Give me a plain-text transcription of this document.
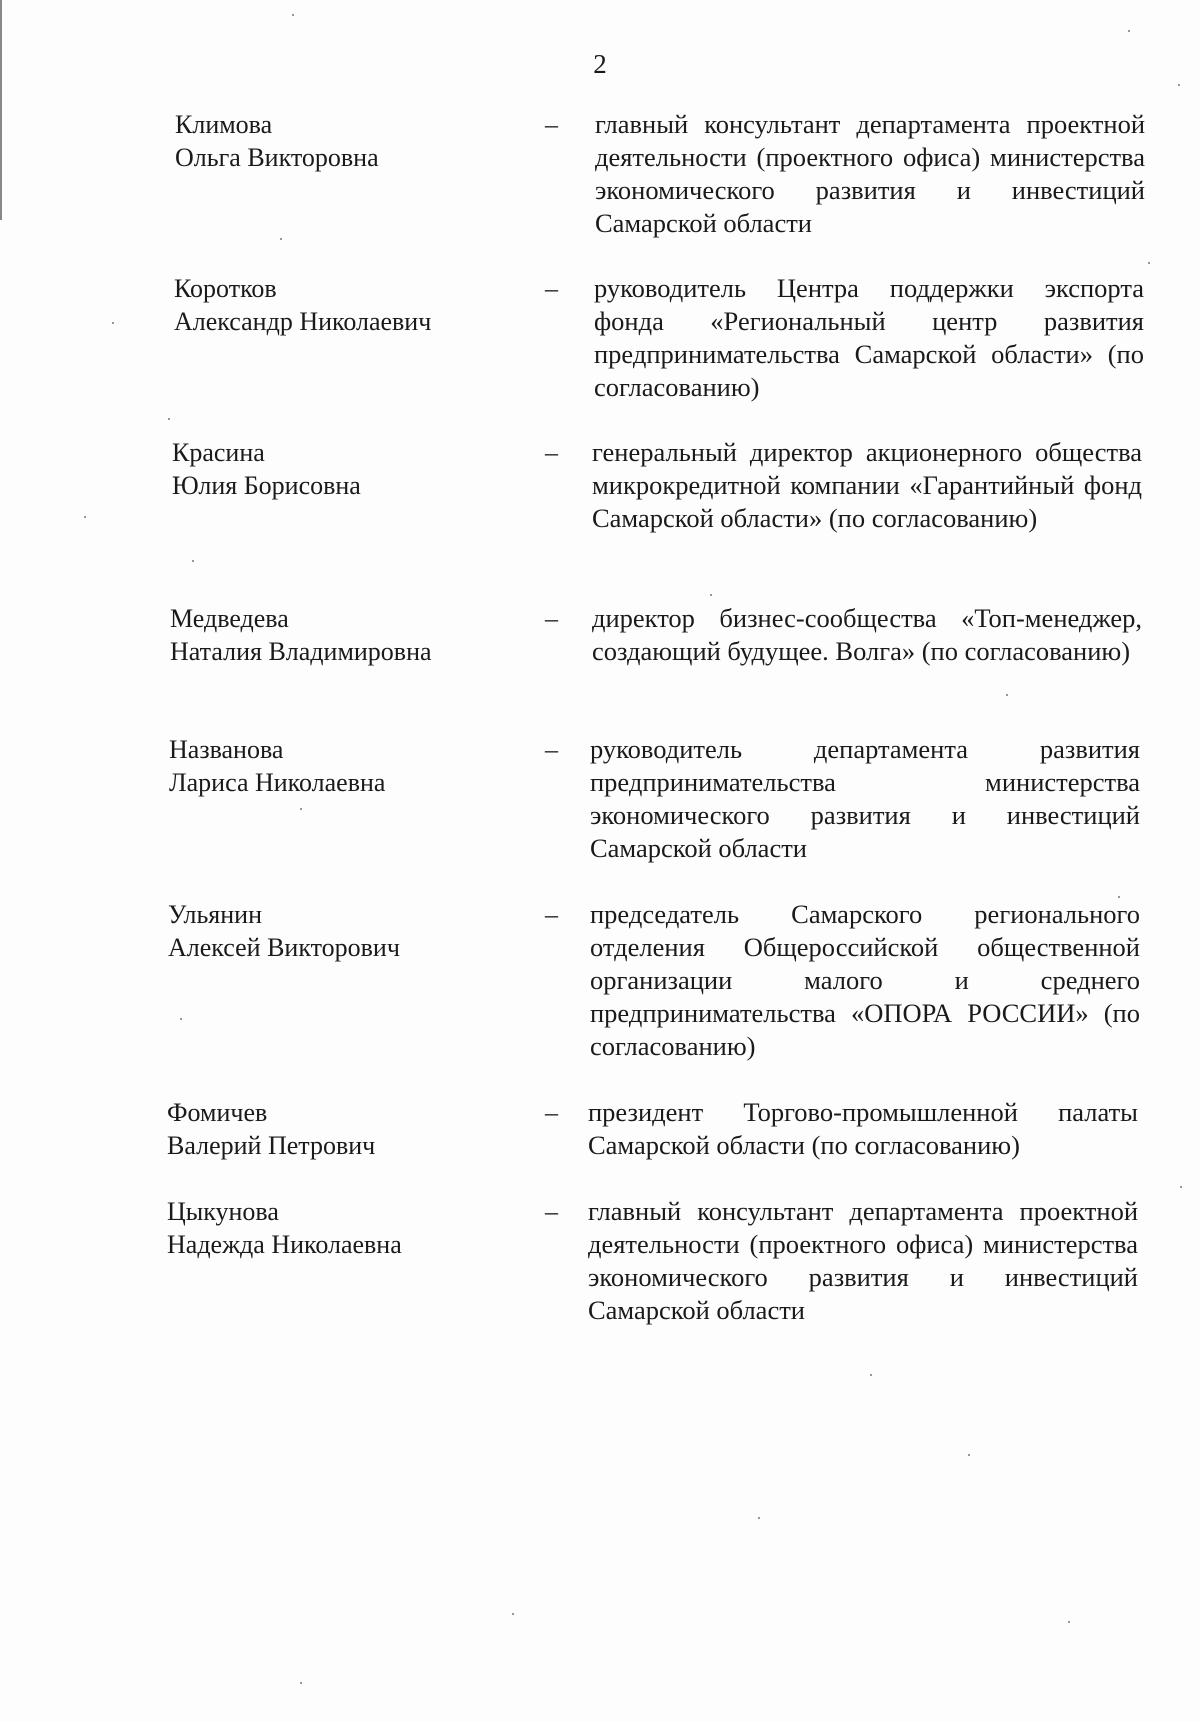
2
Климова
Ольга Викторовна
– главный консультант департамента проектной деятельности (проектного офиса) министерства экономического развития и инвестиций Самарской области

Коротков
Александр Николаевич
– руководитель Центра поддержки экспорта фонда «Региональный центр развития предпринимательства Самарской области» (по согласованию)

Красина
Юлия Борисовна
– генеральный директор акционерного общества микрокредитной компании «Гарантийный фонд Самарской области» (по согласованию)

Медведева
Наталия Владимировна
– директор бизнес-сообщества «Топ-менеджер, создающий будущее. Волга» (по согласованию)

Названова
Лариса Николаевна
– руководитель департамента развития предпринимательства министерства экономического развития и инвестиций Самарской области

Ульянин
Алексей Викторович
– председатель Самарского регионального отделения Общероссийской общественной организации малого и среднего предпринимательства «ОПОРА РОССИИ» (по согласованию)

Фомичев
Валерий Петрович
– президент Торгово-промышленной палаты Самарской области (по согласованию)

Цыкунова
Надежда Николаевна
– главный консультант департамента проектной деятельности (проектного офиса) министерства экономического развития и инвестиций Самарской области
